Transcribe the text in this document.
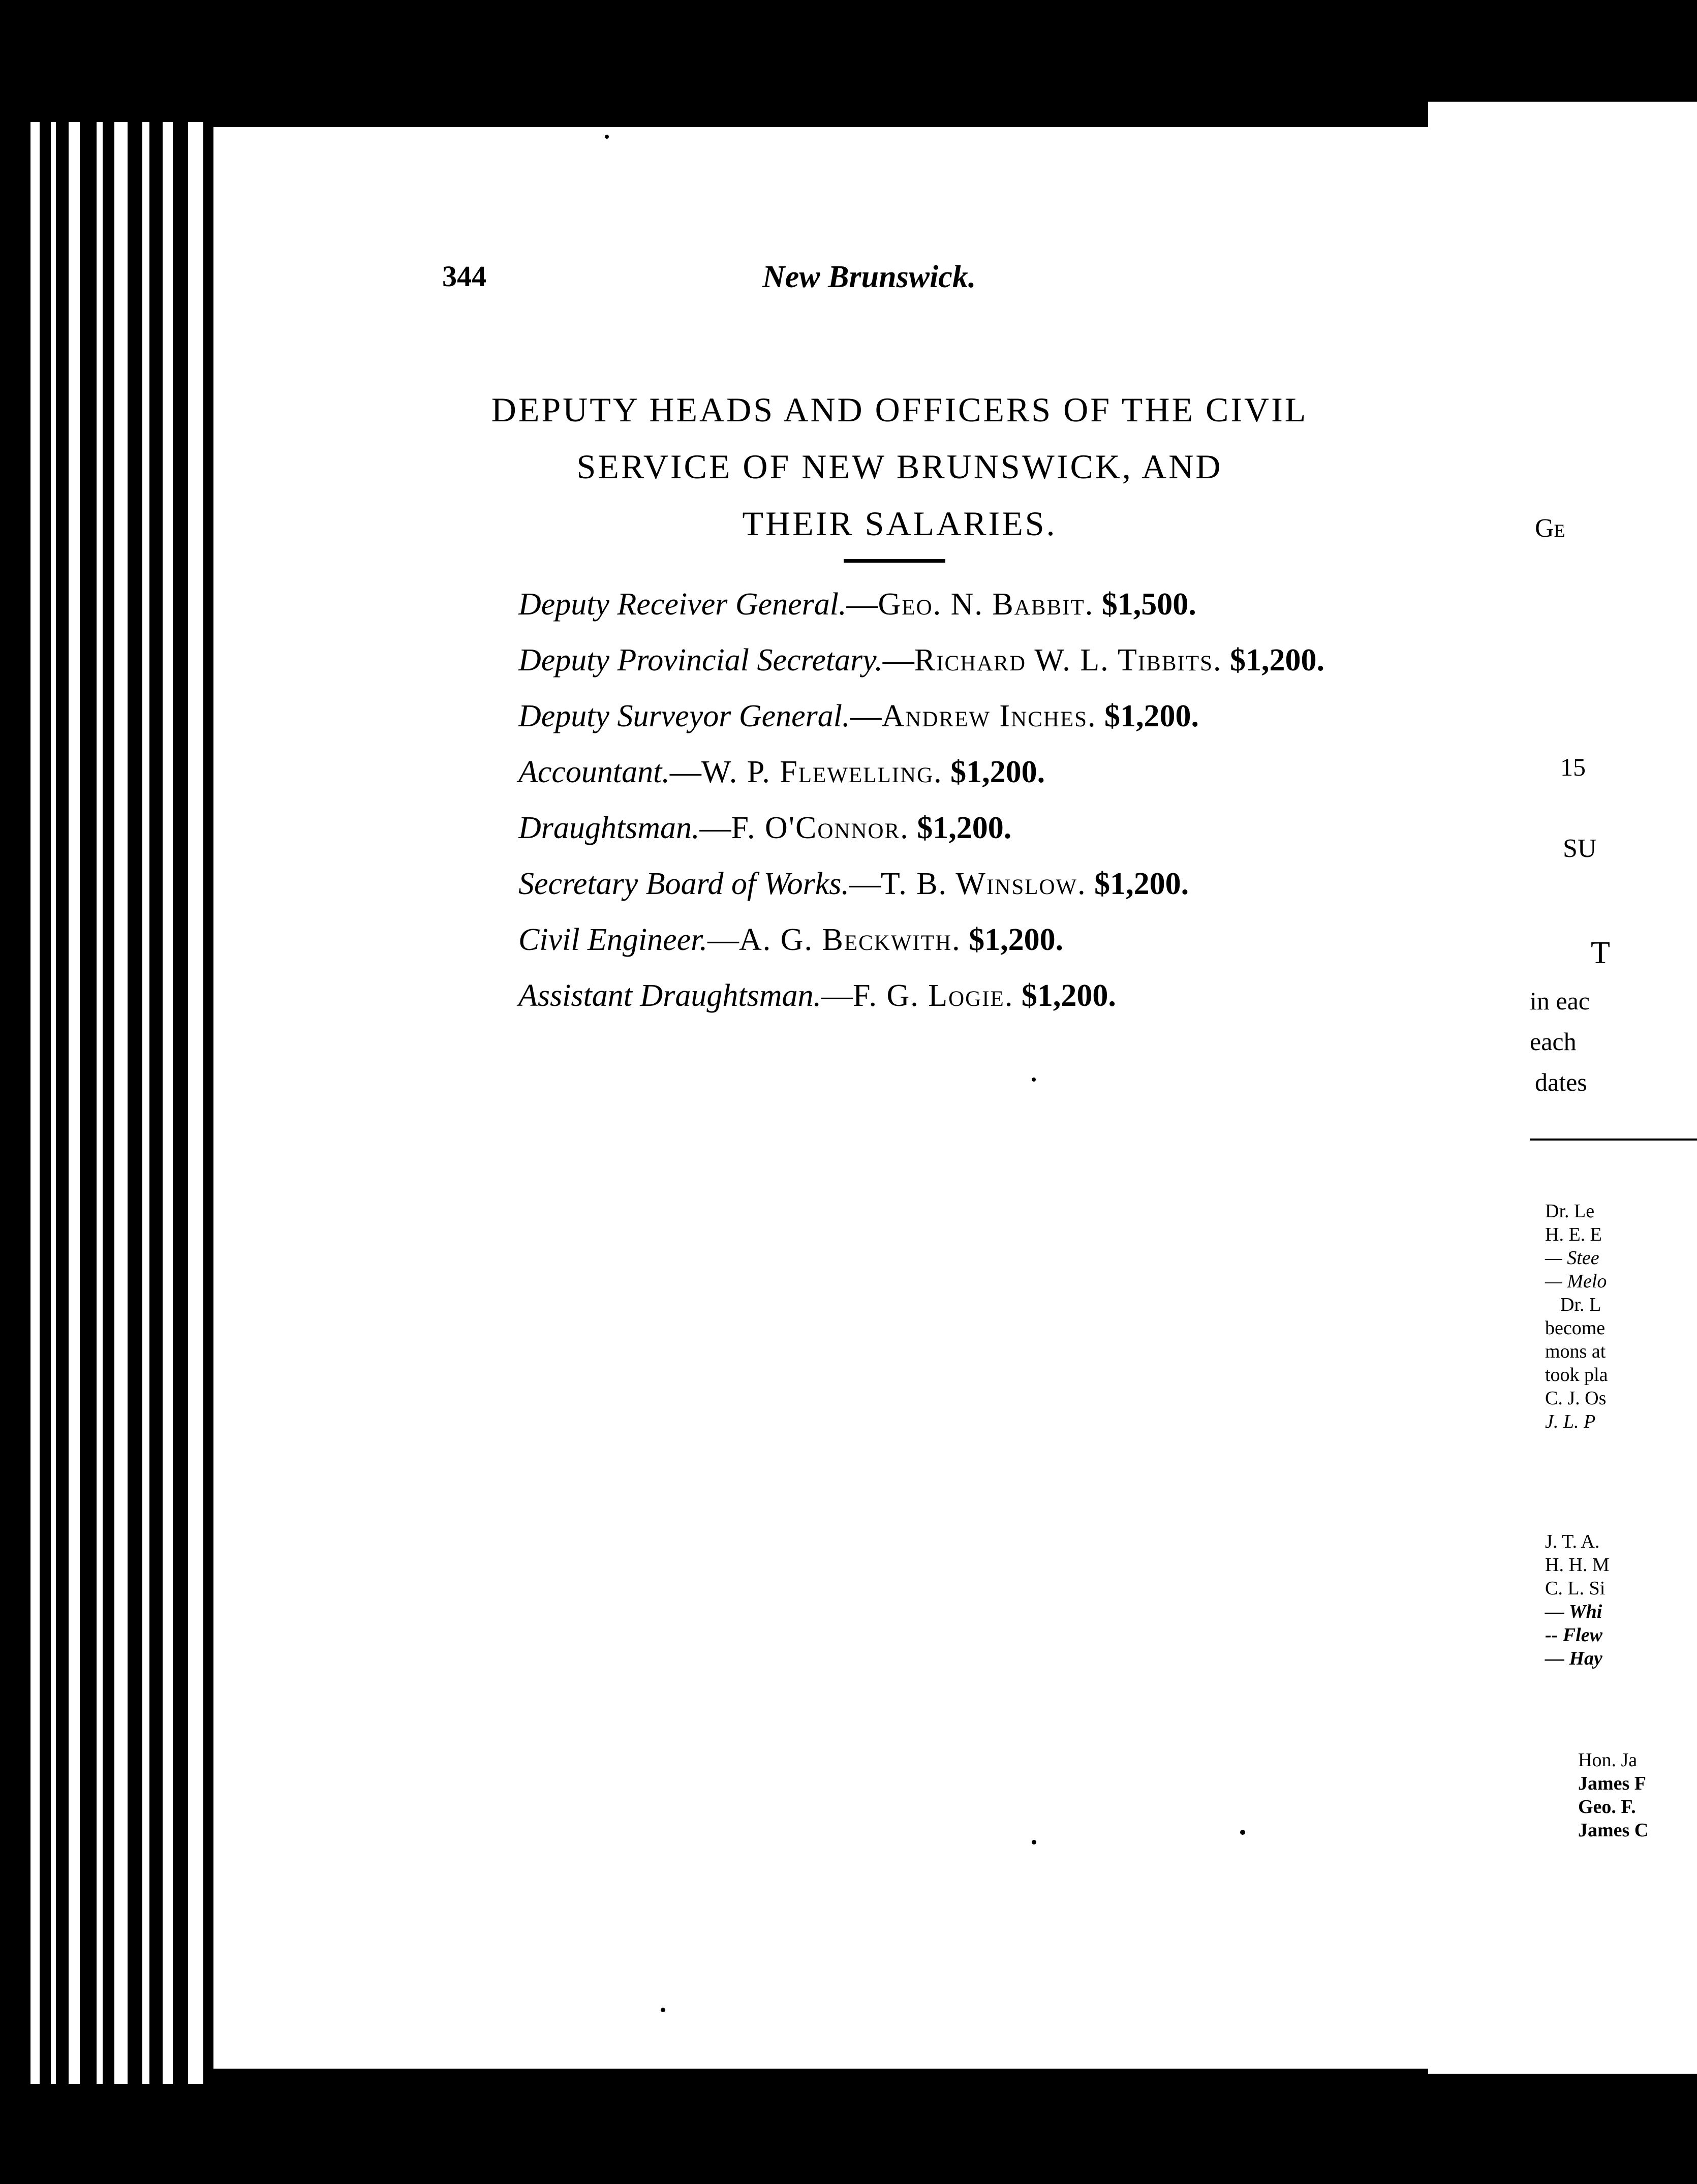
344	New Brunswick.
DEPUTY HEADS AND OFFICERS OF THE CIVIL
SERVICE OF NEW BRUNSWICK, AND
THEIR SALARIES.

Deputy Receiver General.—Geo. N. Babbit. $1,500.

Deputy Provincial Secretary.—Richard W. L. Tibbits. $1,200.

Deputy Surveyor General.—Andrew Inches. $1,200.

Accountant.—W. P. Flewelling. $1,200.

Draughtsman.—F. O'Connor. $1,200.

Secretary Board of Works.—T. B. Winslow. $1,200.

Civil Engineer.—A. G. Beckwith. $1,200.

Assistant Draughtsman.—F. G. Logie. $1,200.

Ge
15
SU
T
in eac
each
dates
Dr. Le
H. E. E
— Stee
— Melo
Dr. L
become
mons at
took pla
C. J. Os
J. L. P
J. T. A.
H. H. M
C. L. Si
— Whi
-- Flew
— Hay
Hon. Ja
James F
Geo. F.
James C
